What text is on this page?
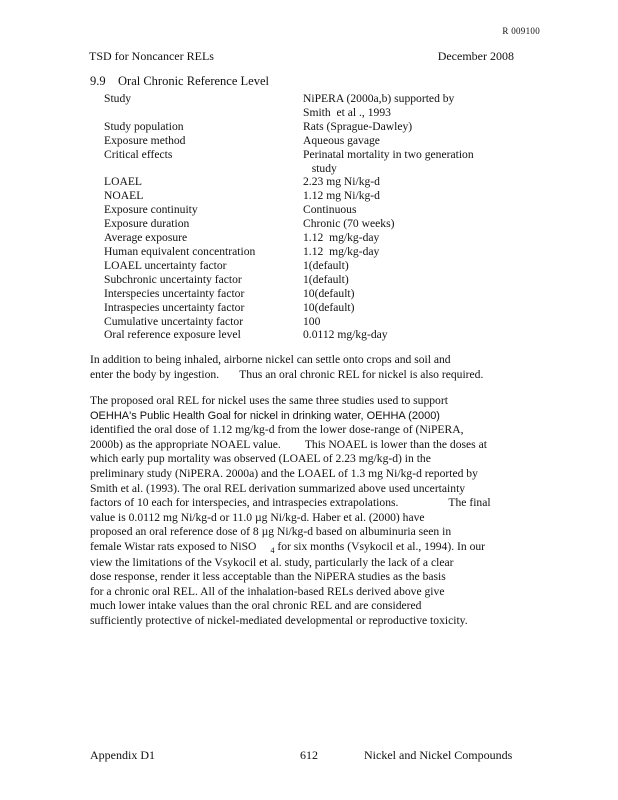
R 009100
TSD for Noncancer RELs	December 2008
9.9 Oral Chronic Reference Level
Study	NiPERA (2000a,b) supported by
Smith  et al ., 1993

Study population	Rats (Sprague-Dawley)

Exposure method	Aqueous gavage

Critical effects	Perinatal mortality in two generation
study

LOAEL	2.23 mg Ni/kg-d

NOAEL	1.12 mg Ni/kg-d

Exposure continuity	Continuous

Exposure duration	Chronic (70 weeks)

Average exposure	1.12  mg/kg-day

Human equivalent concentration	1.12  mg/kg-day

LOAEL uncertainty factor	1(default)

Subchronic uncertainty factor	1(default)

Interspecies uncertainty factor	10(default)

Intraspecies uncertainty factor	10(default)

Cumulative uncertainty factor	100

Oral reference exposure level	0.0112 mg/kg-day
In addition to being inhaled, airborne nickel can settle onto crops and soil and
enter the body by ingestion. Thus an oral chronic REL for nickel is also required.
The proposed oral REL for nickel uses the same three studies used to support
OEHHA's Public Health Goal for nickel in drinking water, OEHHA (2000)
identified the oral dose of 1.12 mg/kg-d from the lower dose-range of (NiPERA,
2000b) as the appropriate NOAEL value. This NOAEL is lower than the doses at
which early pup mortality was observed (LOAEL of 2.23 mg/kg-d) in the
preliminary study (NiPERA. 2000a) and the LOAEL of 1.3 mg Ni/kg-d reported by
Smith et al. (1993). The oral REL derivation summarized above used uncertainty
factors of 10 each for interspecies, and intraspecies extrapolations.	The final
value is 0.0112 mg Ni/kg-d or 11.0 µg Ni/kg-d. Haber et al. (2000) have
proposed an oral reference dose of 8 µg Ni/kg-d based on albuminuria seen in
female Wistar rats exposed to NiSO $_4$ for six months (Vsykocil et al., 1994). In our
view the limitations of the Vsykocil et al. study, particularly the lack of a clear
dose response, render it less acceptable than the NiPERA studies as the basis
for a chronic oral REL. All of the inhalation-based RELs derived above give
much lower intake values than the oral chronic REL and are considered
sufficiently protective of nickel-mediated developmental or reproductive toxicity.
Appendix D1	612	Nickel and Nickel Compounds
